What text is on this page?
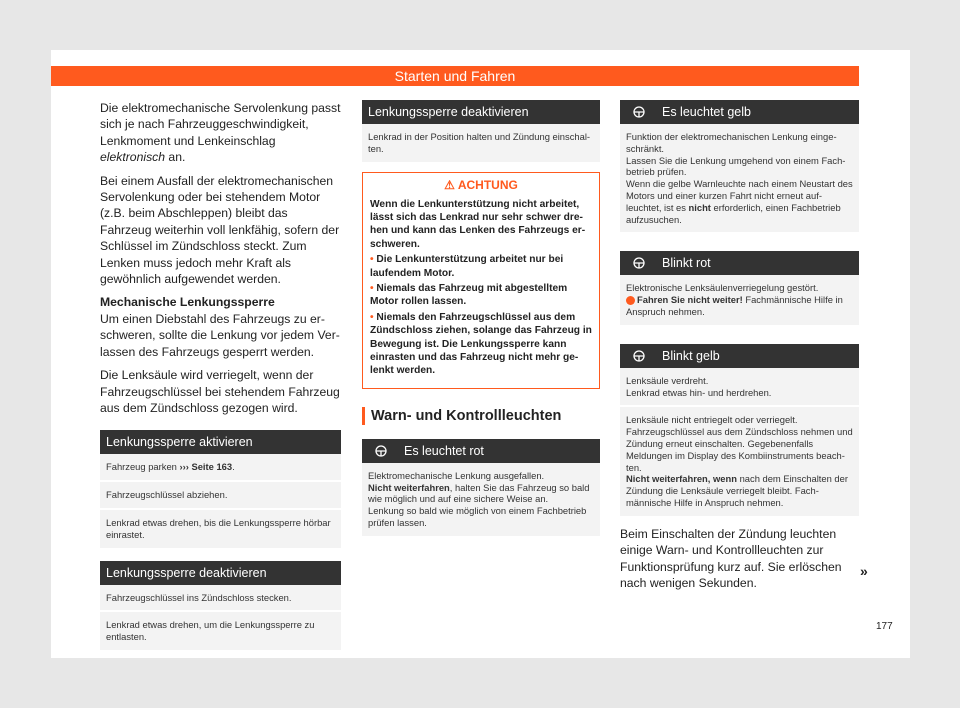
Starten und Fahren

Die elektromechanische Servolenkung passt sich je nach Fahrzeuggeschwindigkeit, Lenkmoment und Lenkeinschlag elektronisch an.

Bei einem Ausfall der elektromechanischen Servolenkung oder bei stehendem Motor (z.B. beim Abschleppen) bleibt das Fahrzeug weiterhin voll lenkfähig, sofern der Schlüssel im Zündschloss steckt. Zum Lenken muss jedoch mehr Kraft als gewöhnlich aufgewendet werden.

Mechanische Lenkungssperre

Um einen Diebstahl des Fahrzeugs zu erschweren, sollte die Lenkung vor jedem Verlassen des Fahrzeugs gesperrt werden.

Die Lenksäule wird verriegelt, wenn der Fahrzeugschlüssel bei stehendem Fahrzeug aus dem Zündschloss gezogen wird.

Lenkungssperre aktivieren
Fahrzeug parken ››› Seite 163.
Fahrzeugschlüssel abziehen.
Lenkrad etwas drehen, bis die Lenkungssperre hörbar einrastet.
Lenkungssperre deaktivieren
Fahrzeugschlüssel ins Zündschloss stecken.
Lenkrad etwas drehen, um die Lenkungssperre zu entlasten.
Lenkungssperre deaktivieren
Lenkrad in der Position halten und Zündung einschalten.
⚠ ACHTUNG

Wenn die Lenkunterstützung nicht arbeitet, lässt sich das Lenkrad nur sehr schwer drehen und kann das Lenken des Fahrzeugs erschweren.

• Die Lenkunterstützung arbeitet nur bei laufendem Motor.

• Niemals das Fahrzeug mit abgestelltem Motor rollen lassen.

• Niemals den Fahrzeugschlüssel aus dem Zündschloss ziehen, solange das Fahrzeug in Bewegung ist. Die Lenkungssperre kann einrasten und das Fahrzeug nicht mehr gelenkt werden.

Warn- und Kontrollleuchten
Es leuchtet rot
Elektromechanische Lenkung ausgefallen.
Nicht weiterfahren, halten Sie das Fahrzeug so bald wie möglich und auf eine sichere Weise an.
Lenkung so bald wie möglich von einem Fachbetrieb prüfen lassen.
Es leuchtet gelb
Funktion der elektromechanischen Lenkung eingeschränkt.
Lassen Sie die Lenkung umgehend von einem Fachbetrieb prüfen.
Wenn die gelbe Warnleuchte nach einem Neustart des Motors und einer kurzen Fahrt nicht erneut aufleuchtet, ist es nicht erforderlich, einen Fachbetrieb aufzusuchen.
Blinkt rot
Elektronische Lenksäulenverriegelung gestört.
Fahren Sie nicht weiter! Fachmännische Hilfe in Anspruch nehmen.
Blinkt gelb
Lenksäule verdreht.
Lenkrad etwas hin- und herdrehen.
Lenksäule nicht entriegelt oder verriegelt.
Fahrzeugschlüssel aus dem Zündschloss nehmen und Zündung erneut einschalten. Gegebenenfalls Meldungen im Display des Kombiinstruments beachten.
Nicht weiterfahren, wenn nach dem Einschalten der Zündung die Lenksäule verriegelt bleibt. Fachmännische Hilfe in Anspruch nehmen.

Beim Einschalten der Zündung leuchten einige Warn- und Kontrollleuchten zur Funktionsprüfung kurz auf. Sie erlöschen nach wenigen Sekunden.

»
177
